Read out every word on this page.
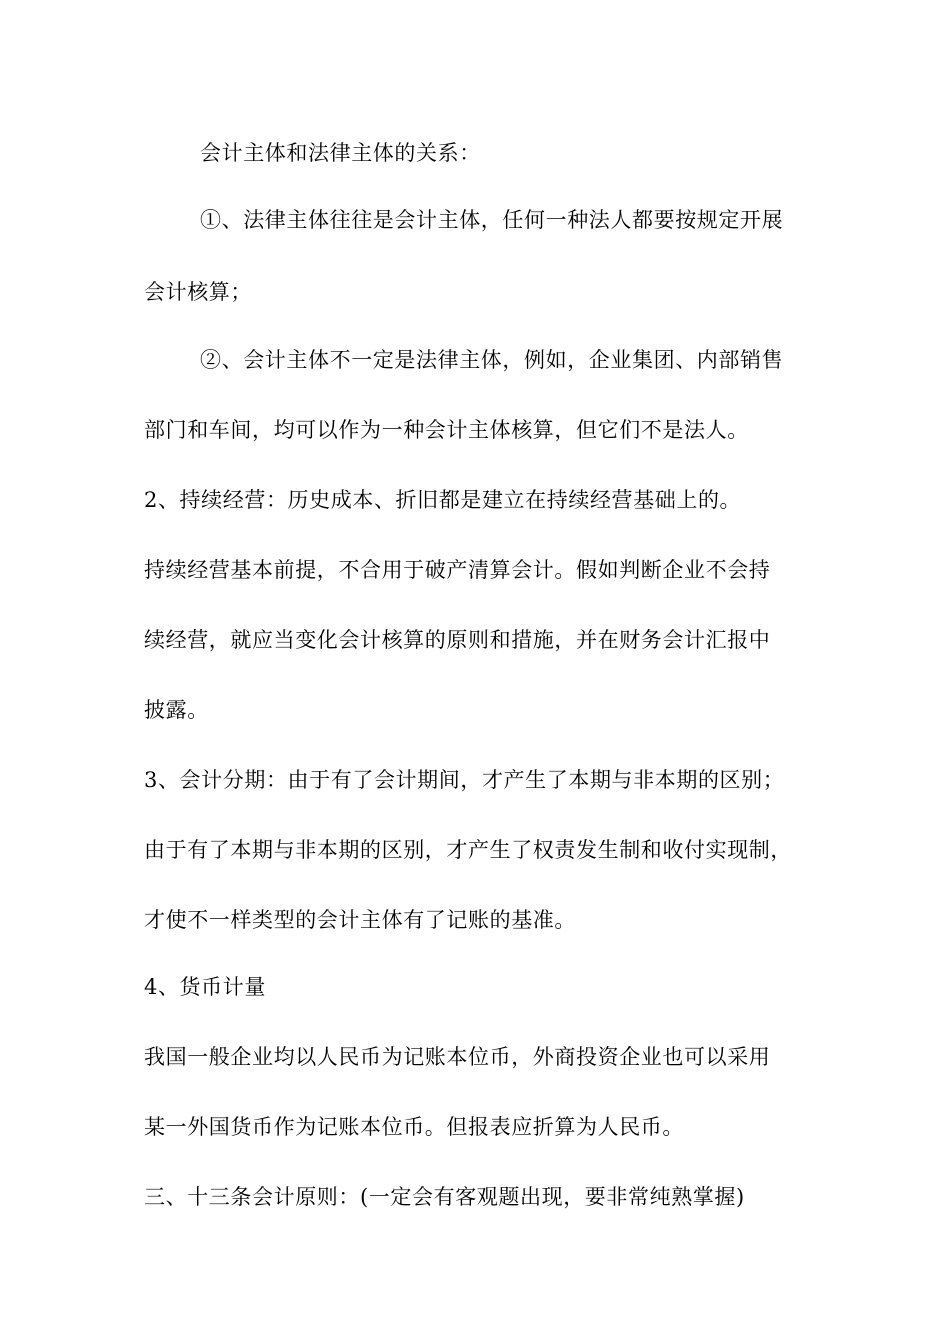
会计主体和法律主体的关系：
①、法律主体往往是会计主体，任何一种法人都要按规定开展
会计核算；
②、会计主体不一定是法律主体，例如，企业集团、内部销售
部门和车间，均可以作为一种会计主体核算，但它们不是法人。
2、持续经营：历史成本、折旧都是建立在持续经营基础上的。
持续经营基本前提，不合用于破产清算会计。假如判断企业不会持
续经营，就应当变化会计核算的原则和措施，并在财务会计汇报中
披露。
3、会计分期：由于有了会计期间，才产生了本期与非本期的区别；
由于有了本期与非本期的区别，才产生了权责发生制和收付实现制，
才使不一样类型的会计主体有了记账的基准。
4、货币计量
我国一般企业均以人民币为记账本位币，外商投资企业也可以采用
某一外国货币作为记账本位币。但报表应折算为人民币。
三、十三条会计原则：(一定会有客观题出现，要非常纯熟掌握)
